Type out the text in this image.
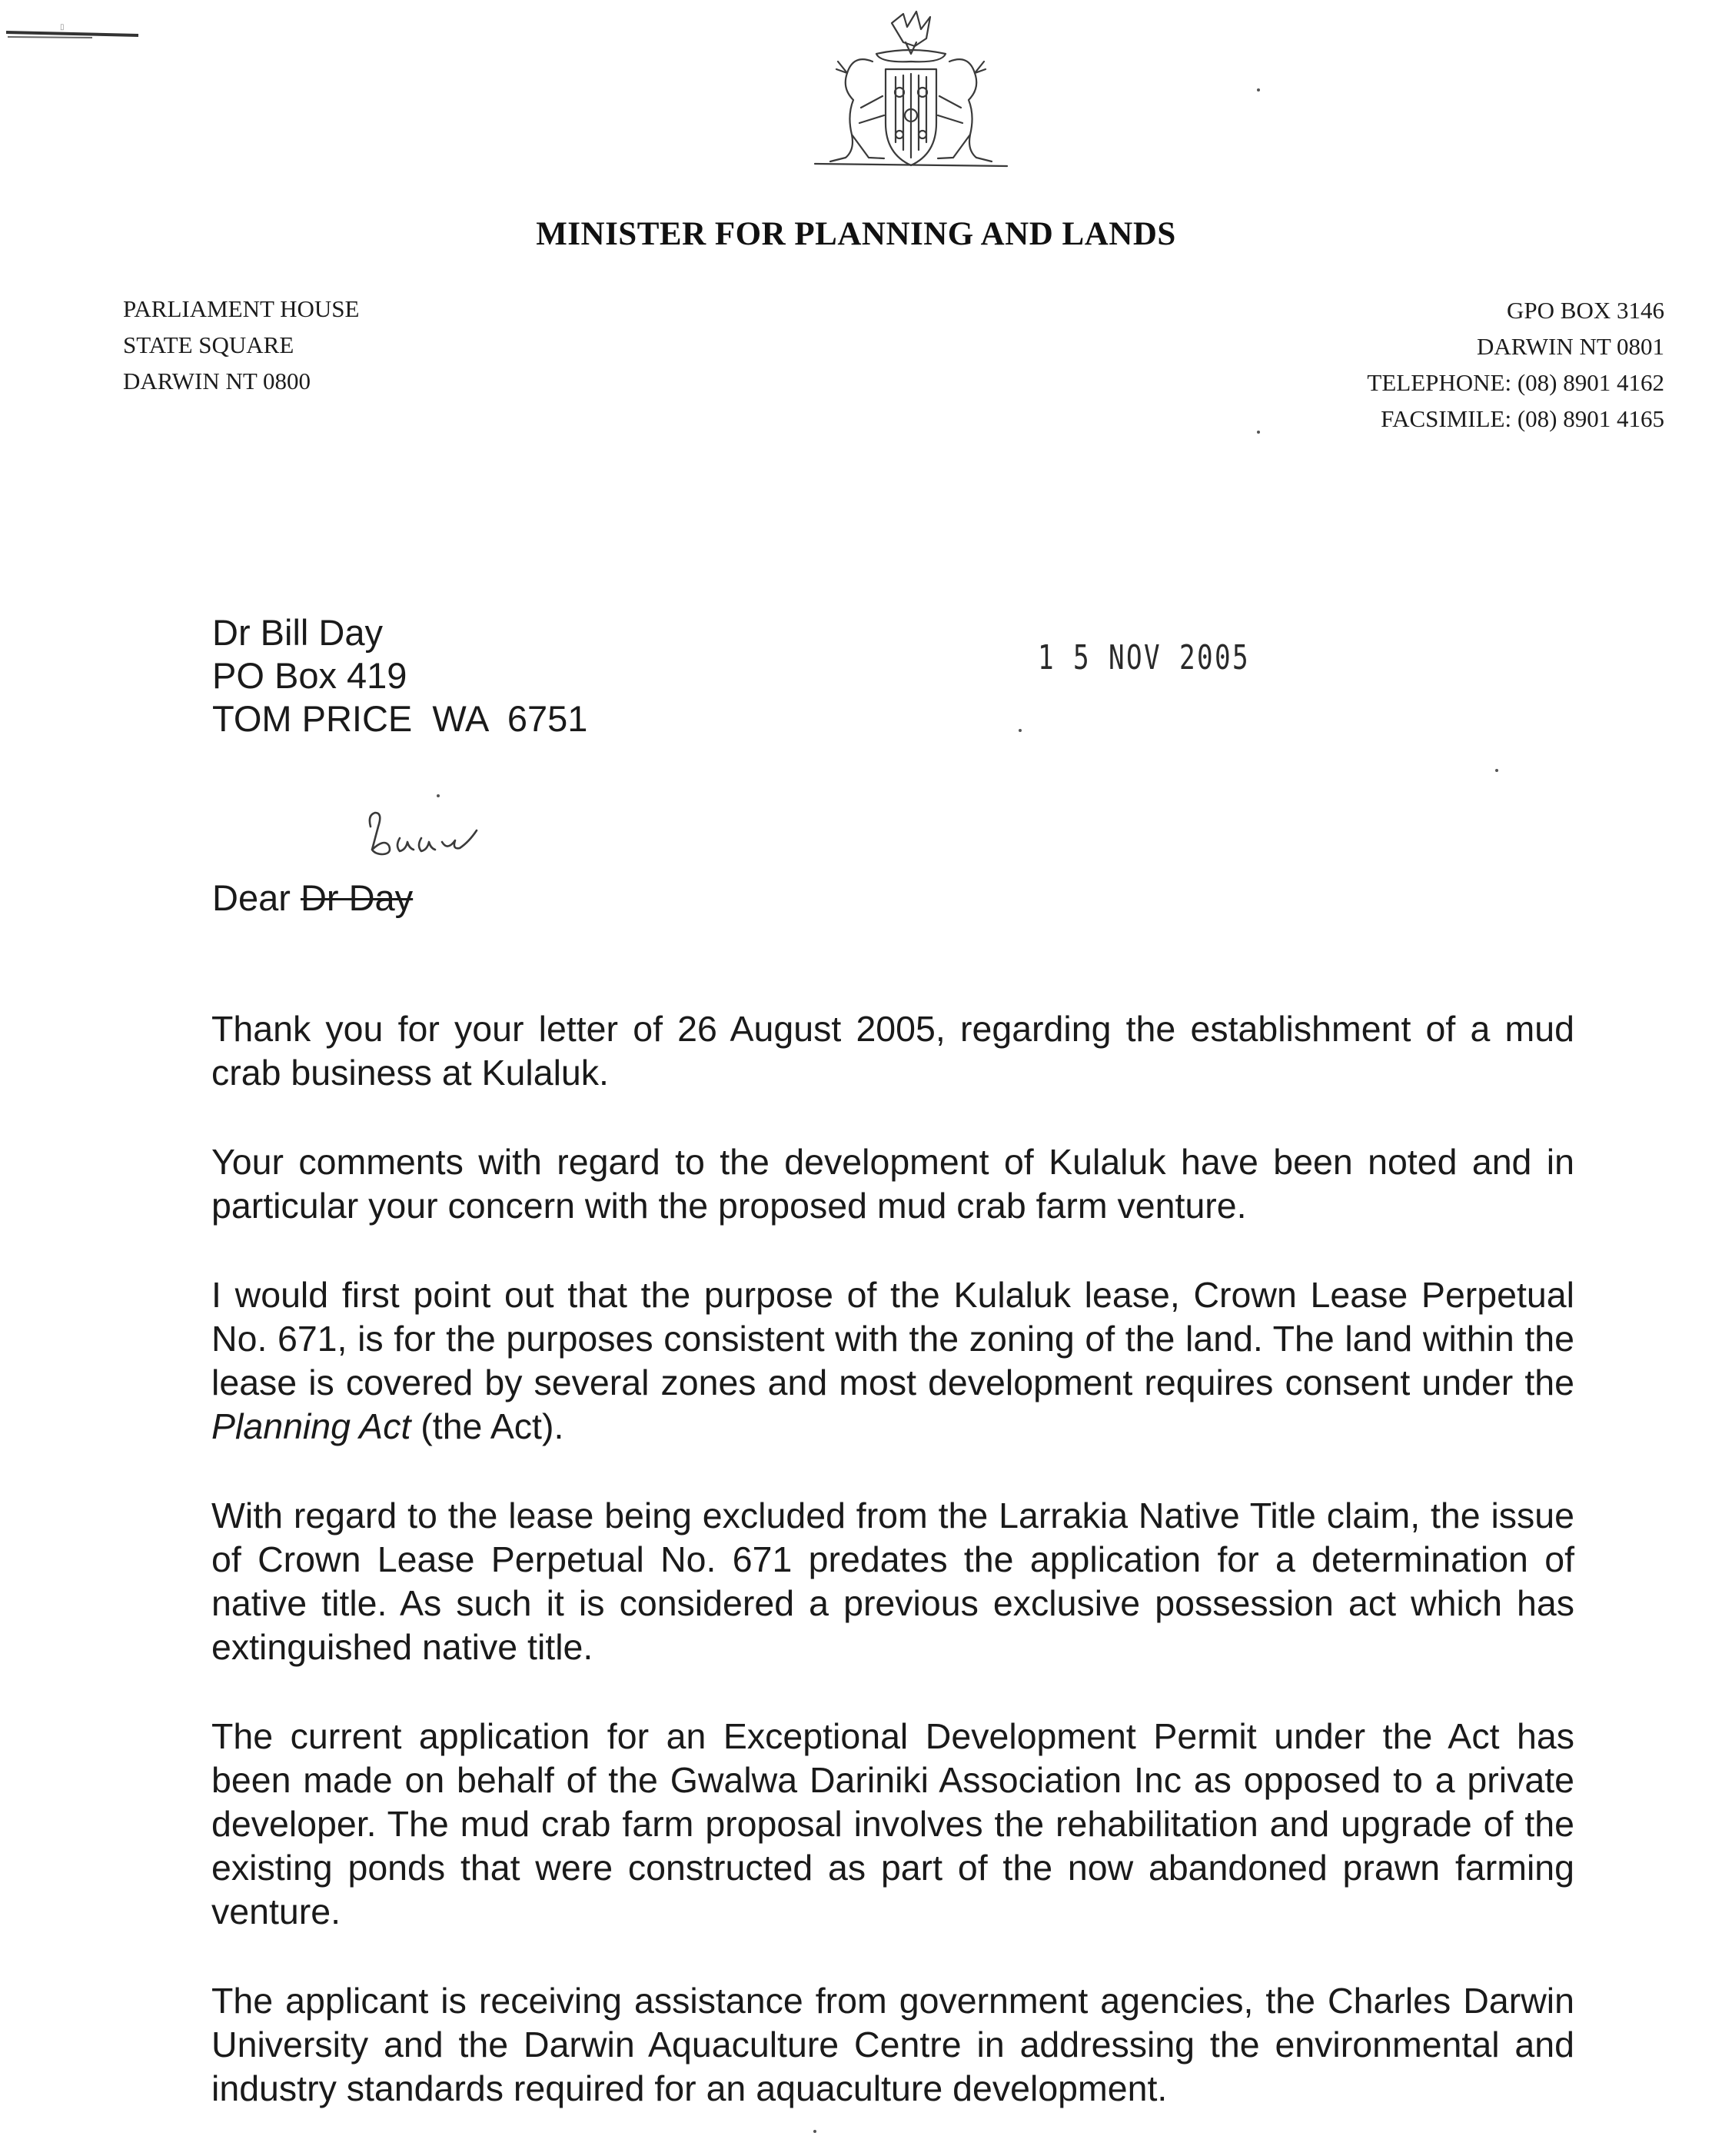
▯
MINISTER FOR PLANNING AND LANDS
PARLIAMENT HOUSE
STATE SQUARE
DARWIN NT 0800
GPO BOX 3146
DARWIN NT 0801
TELEPHONE: (08) 8901 4162
FACSIMILE: (08) 8901 4165
Dr Bill Day
PO Box 419
TOM PRICE  WA  6751
1 5 NOV 2005
Dear Dr Day

Thank you for your letter of 26 August 2005, regarding the establishment of a mud crab business at Kulaluk.

Your comments with regard to the development of Kulaluk have been noted and in particular your concern with the proposed mud crab farm venture.

I would first point out that the purpose of the Kulaluk lease, Crown Lease Perpetual No. 671, is for the purposes consistent with the zoning of the land. The land within the lease is covered by several zones and most development requires consent under the Planning Act (the Act).

With regard to the lease being excluded from the Larrakia Native Title claim, the issue of Crown Lease Perpetual No. 671 predates the application for a determination of native title. As such it is considered a previous exclusive possession act which has extinguished native title.

The current application for an Exceptional Development Permit under the Act has been made on behalf of the Gwalwa Dariniki Association Inc as opposed to a private developer. The mud crab farm proposal involves the rehabilitation and upgrade of the existing ponds that were constructed as part of the now abandoned prawn farming venture.

The applicant is receiving assistance from government agencies, the Charles Darwin University and the Darwin Aquaculture Centre in addressing the environmental and industry standards required for an aquaculture development.
